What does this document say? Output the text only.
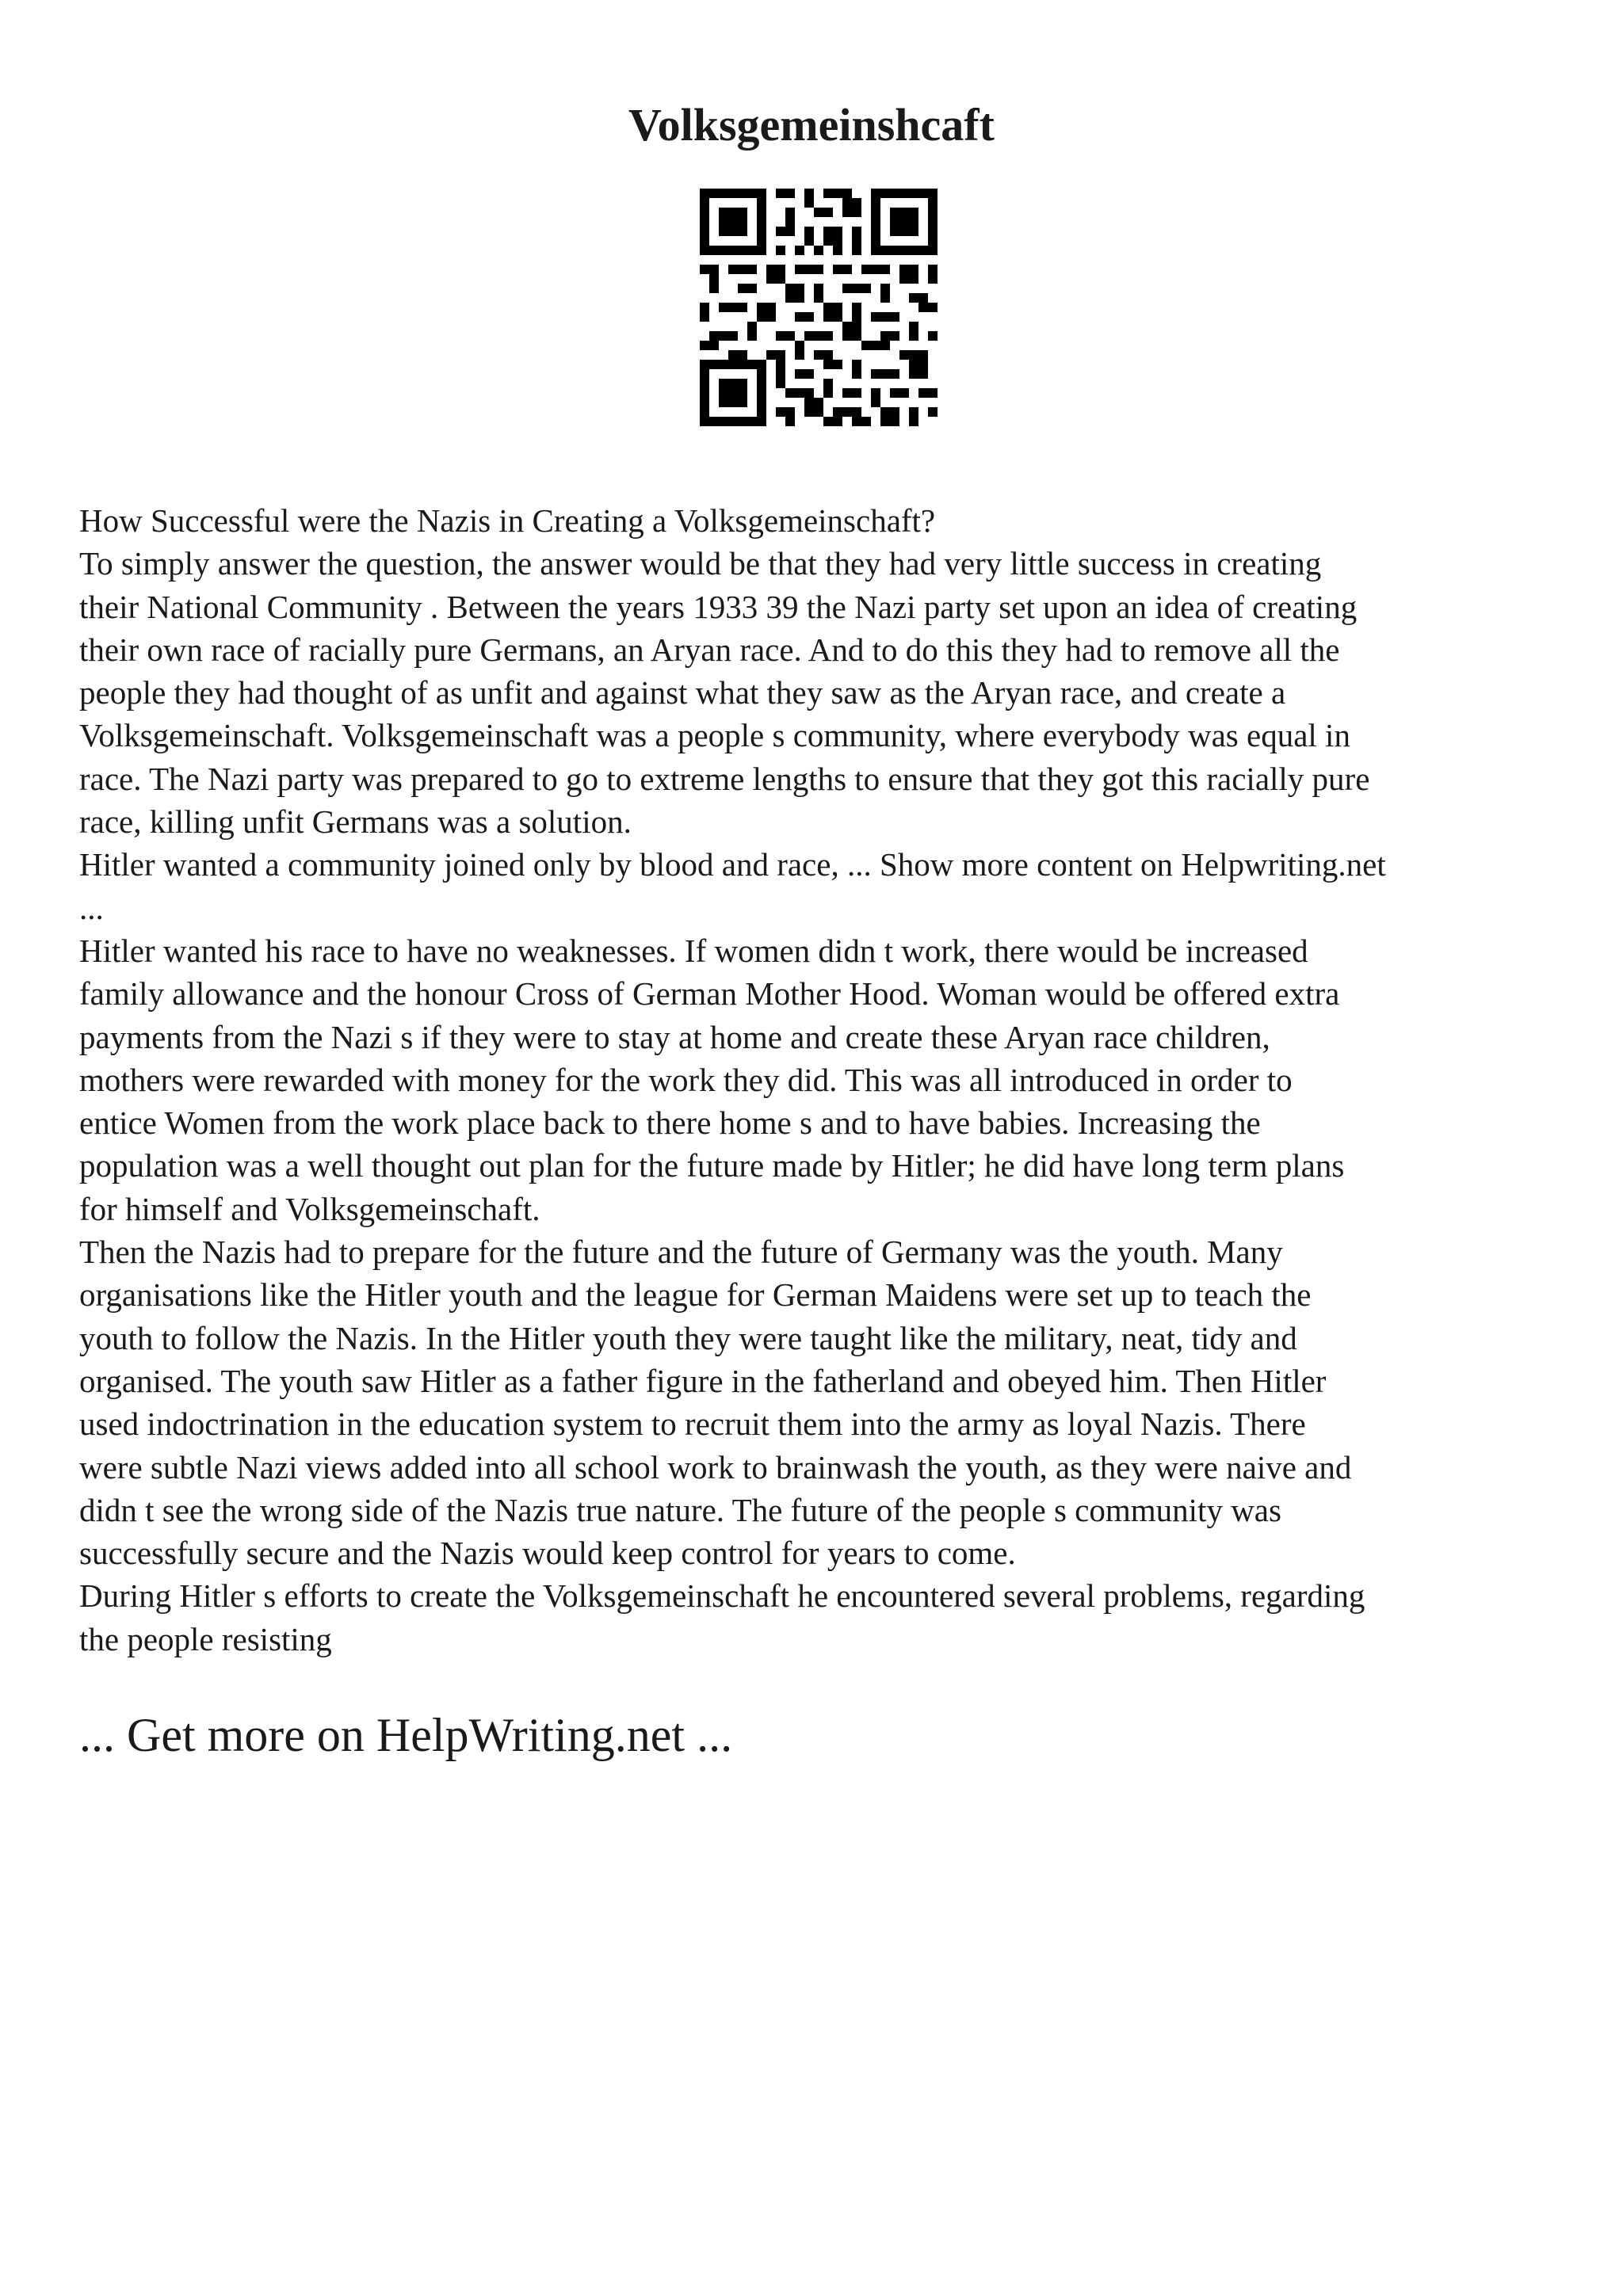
Volksgemeinshcaft
How Successful were the Nazis in Creating a Volksgemeinschaft?
To simply answer the question, the answer would be that they had very little success in creating
their National Community . Between the years 1933 39 the Nazi party set upon an idea of creating
their own race of racially pure Germans, an Aryan race. And to do this they had to remove all the
people they had thought of as unfit and against what they saw as the Aryan race, and create a
Volksgemeinschaft. Volksgemeinschaft was a people s community, where everybody was equal in
race. The Nazi party was prepared to go to extreme lengths to ensure that they got this racially pure
race, killing unfit Germans was a solution.
Hitler wanted a community joined only by blood and race, ... Show more content on Helpwriting.net
...
Hitler wanted his race to have no weaknesses. If women didn t work, there would be increased
family allowance and the honour Cross of German Mother Hood. Woman would be offered extra
payments from the Nazi s if they were to stay at home and create these Aryan race children,
mothers were rewarded with money for the work they did. This was all introduced in order to
entice Women from the work place back to there home s and to have babies. Increasing the
population was a well thought out plan for the future made by Hitler; he did have long term plans
for himself and Volksgemeinschaft.
Then the Nazis had to prepare for the future and the future of Germany was the youth. Many
organisations like the Hitler youth and the league for German Maidens were set up to teach the
youth to follow the Nazis. In the Hitler youth they were taught like the military, neat, tidy and
organised. The youth saw Hitler as a father figure in the fatherland and obeyed him. Then Hitler
used indoctrination in the education system to recruit them into the army as loyal Nazis. There
were subtle Nazi views added into all school work to brainwash the youth, as they were naive and
didn t see the wrong side of the Nazis true nature. The future of the people s community was
successfully secure and the Nazis would keep control for years to come.
During Hitler s efforts to create the Volksgemeinschaft he encountered several problems, regarding
the people resisting

... Get more on HelpWriting.net ...
